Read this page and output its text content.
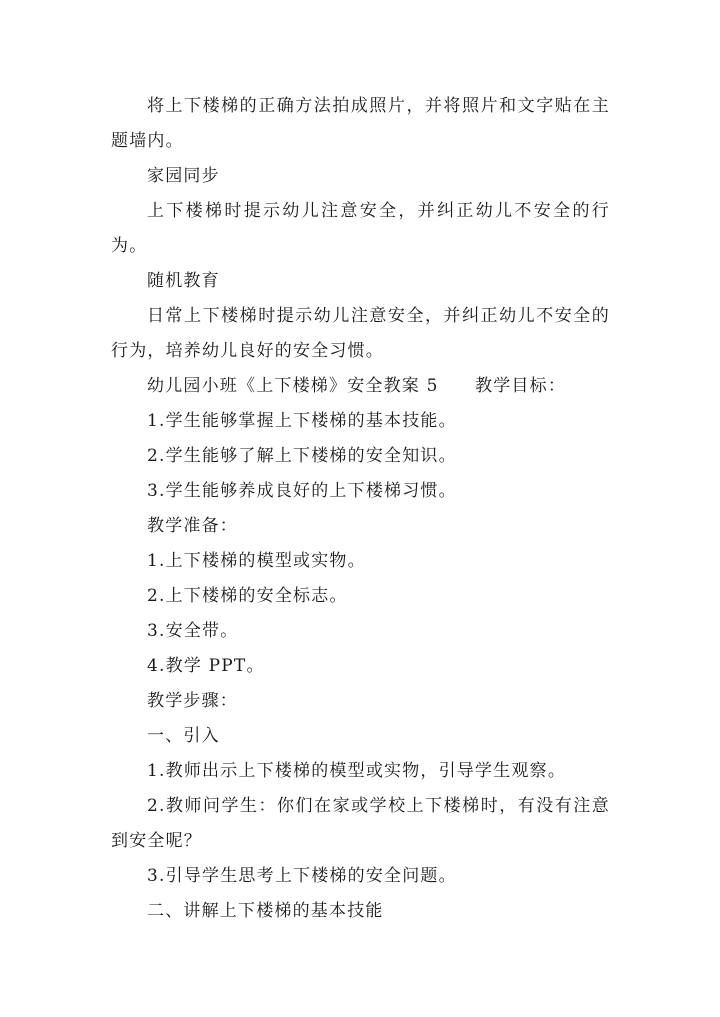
将上下楼梯的正确方法拍成照片，并将照片和文字贴在主题墙内。

家园同步

上下楼梯时提示幼儿注意安全，并纠正幼儿不安全的行为。

随机教育

日常上下楼梯时提示幼儿注意安全，并纠正幼儿不安全的行为，培养幼儿良好的安全习惯。

幼儿园小班《上下楼梯》安全教案 5　　教学目标：

1.学生能够掌握上下楼梯的基本技能。

2.学生能够了解上下楼梯的安全知识。

3.学生能够养成良好的上下楼梯习惯。

教学准备：

1.上下楼梯的模型或实物。

2.上下楼梯的安全标志。

3.安全带。

4.教学 PPT。

教学步骤：

一、引入

1.教师出示上下楼梯的模型或实物，引导学生观察。

2.教师问学生：你们在家或学校上下楼梯时，有没有注意到安全呢？

3.引导学生思考上下楼梯的安全问题。

二、讲解上下楼梯的基本技能
